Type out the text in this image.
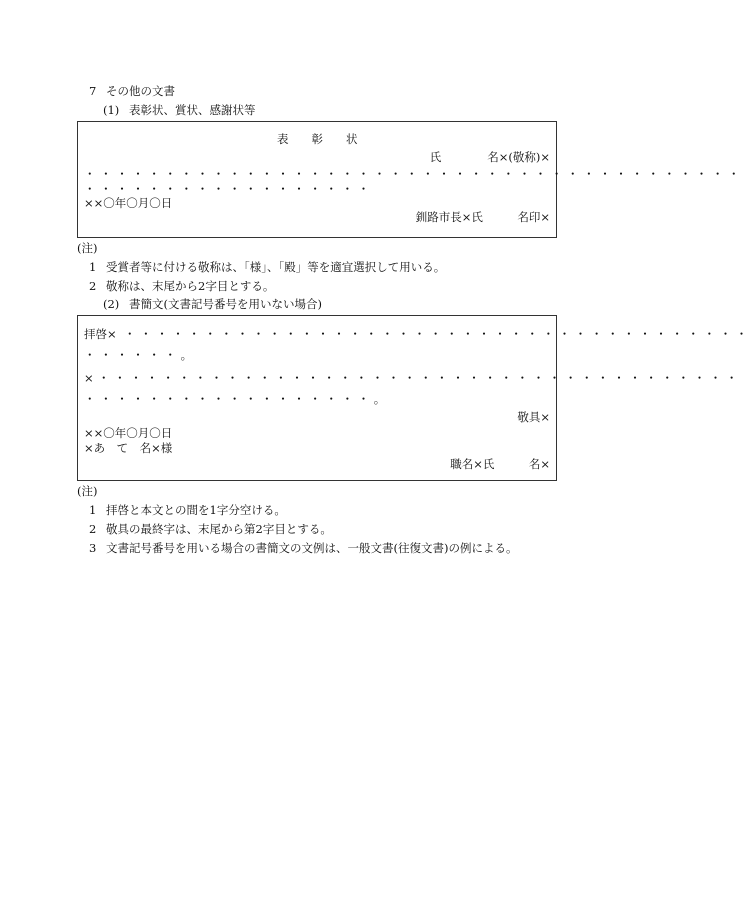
7 その他の文書
(1) 表彰状、賞状、感謝状等
表　　彰　　状
氏　　　　名×(敬称)×
・・・・・・・・・・・・・・・・・・・・・・・・・・・・・・・・・・・・・・・・・
・・・・・・・・・・・・・・・・・・
××〇年〇月〇日
釧路市長×氏　　　名印×
(注)
1 受賞者等に付ける敬称は、「様」、「殿」等を適宜選択して用いる。
2 敬称は、末尾から2字目とする。
(2) 書簡文(文書記号番号を用いない場合)
拝啓× ・・・・・・・・・・・・・・・・・・・・・・・・・・・・・・・・・・・・・・・
・・・・・・。
× ・・・・・・・・・・・・・・・・・・・・・・・・・・・・・・・・・・・・・・・・
・・・・・・・・・・・・・・・・・・。
敬具×
××〇年〇月〇日
×あ　て　名×様
職名×氏　　　名×
(注)
1 拝啓と本文との間を1字分空ける。
2 敬具の最終字は、末尾から第2字目とする。
3 文書記号番号を用いる場合の書簡文の文例は、一般文書(往復文書)の例による。
